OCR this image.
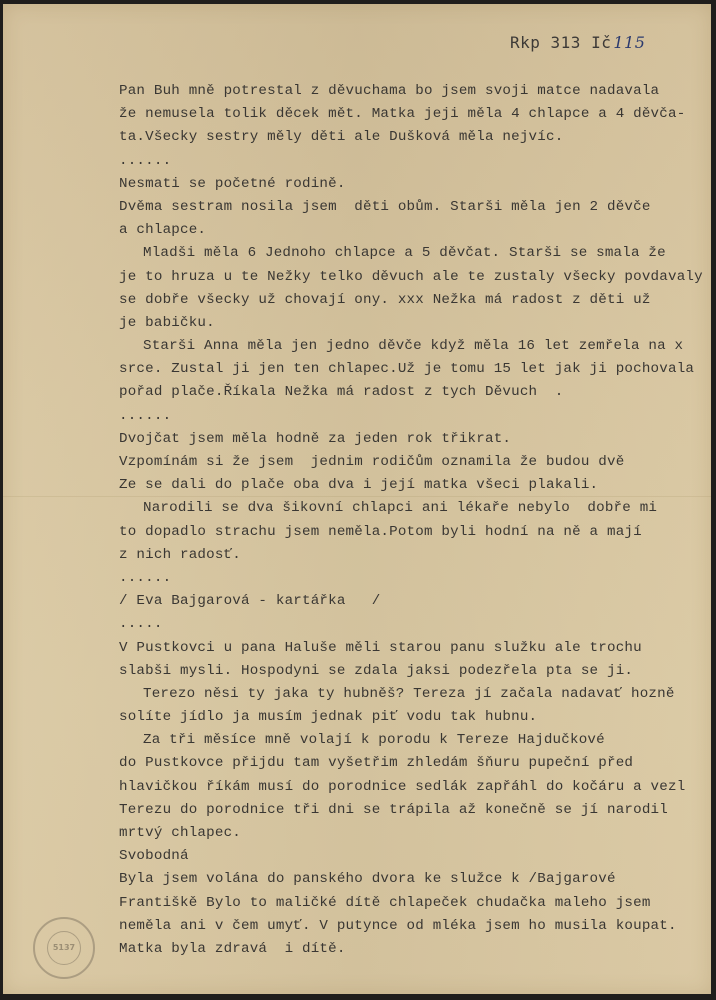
Rkp 313 Ič 115
Pan Buh mně potrestal z děvuchama bo jsem svoji matce nadavala
že nemusela tolik děcek mět. Matka jeji měla 4 chlapce a 4 děvča-
ta.Všecky sestry měly děti ale Dušková měla nejvíc.
......
Nesmati se početné rodině.
Dvěma sestram nosila jsem  děti obům. Starši měla jen 2 děvče
a chlapce.
Mladši měla 6 Jednoho chlapce a 5 děvčat. Starši se smala že
je to hruza u te Nežky telko děvuch ale te zustaly všecky povdavaly
se dobře všecky už chovají ony. xxx Nežka má radost z děti už
je babičku.
Starši Anna měla jen jedno děvče když měla 16 let zemřela na x
srce. Zustal ji jen ten chlapec.Už je tomu 15 let jak ji pochovala
pořad plače.Říkala Nežka má radost z tych Děvuch  .
......
Dvojčat jsem měla hodně za jeden rok třikrat.
Vzpomínám si že jsem  jednim rodičům oznamila že budou dvě
Ze se dali do plače oba dva i její matka všeci plakali.
Narodili se dva šikovní chlapci ani lékaře nebylo  dobře mi
to dopadlo strachu jsem neměla.Potom byli hodní na ně a mají
z nich radosť.
......
/ Eva Bajgarová - kartářka   /
.....
V Pustkovci u pana Haluše měli starou panu služku ale trochu
slabši mysli. Hospodyni se zdala jaksi podezřela pta se ji.
Terezo něsi ty jaka ty hubněš? Tereza jí začala nadavať hozně
solíte jídlo ja musím jednak piť vodu tak hubnu.
Za tři měsíce mně volají k porodu k Tereze Hajdučkové
do Pustkovce přijdu tam vyšetřim zhledám šňuru pupeční před
hlavičkou říkám musí do porodnice sedlák zapřáhl do kočáru a vezl
Terezu do porodnice tři dni se trápila až konečně se jí narodil
mrtvý chlapec.
Svobodná
Byla jsem volána do panského dvora ke služce k /Bajgarové
Františkě Bylo to maličké dítě chlapeček chudačka maleho jsem
neměla ani v čem umyť. V putynce od mléka jsem ho musila koupat.
Matka byla zdravá  i dítě.
5137
